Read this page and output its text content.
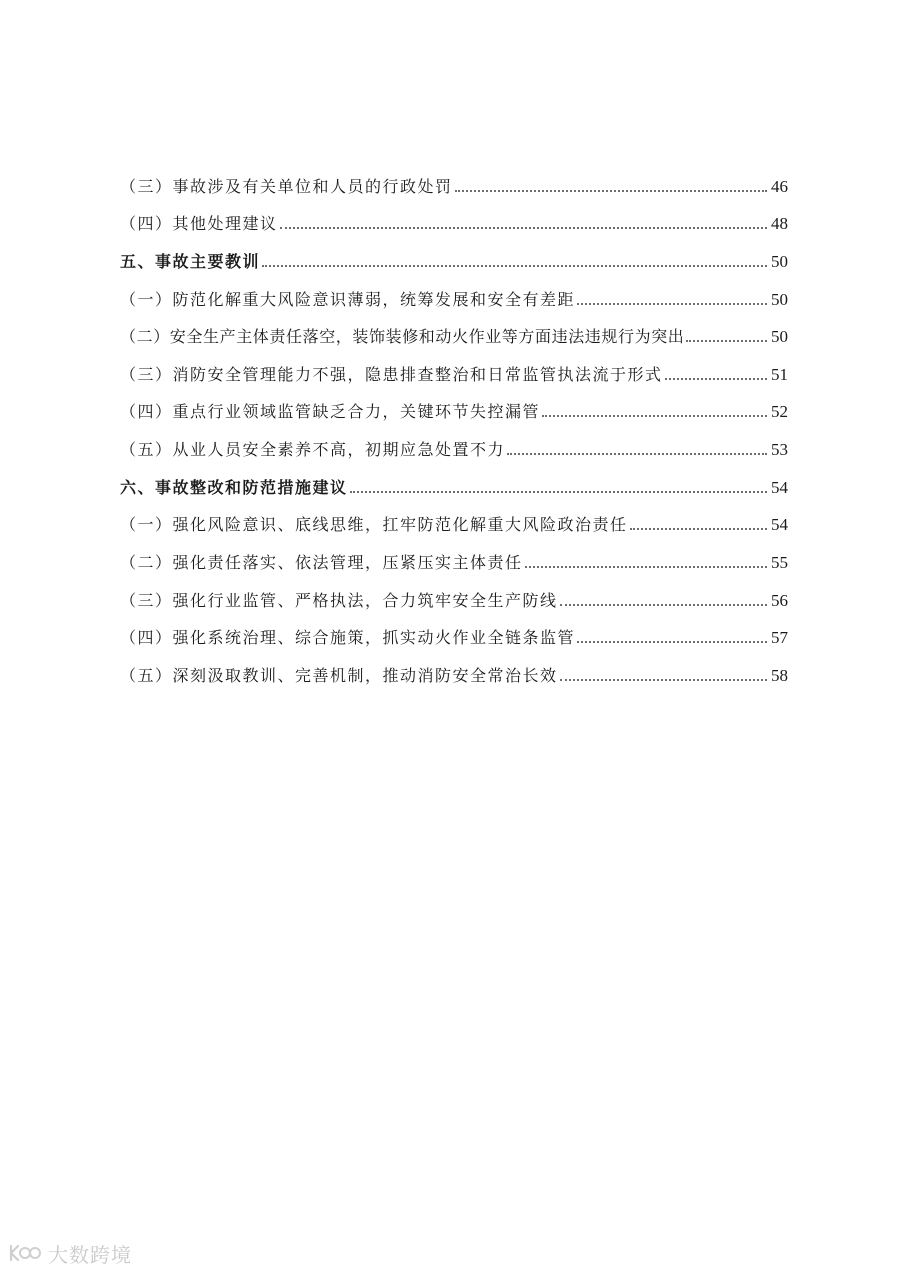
（三）事故涉及有关单位和人员的行政处罚	46
（四）其他处理建议	48
五、事故主要教训	50
（一）防范化解重大风险意识薄弱，统筹发展和安全有差距	50
（二）安全生产主体责任落空，装饰装修和动火作业等方面违法违规行为突出	50
（三）消防安全管理能力不强，隐患排查整治和日常监管执法流于形式	51
（四）重点行业领域监管缺乏合力，关键环节失控漏管	52
（五）从业人员安全素养不高，初期应急处置不力	53
六、事故整改和防范措施建议	54
（一）强化风险意识、底线思维，扛牢防范化解重大风险政治责任	54
（二）强化责任落实、依法管理，压紧压实主体责任	55
（三）强化行业监管、严格执法，合力筑牢安全生产防线	56
（四）强化系统治理、综合施策，抓实动火作业全链条监管	57
（五）深刻汲取教训、完善机制，推动消防安全常治长效	58
大数跨境
